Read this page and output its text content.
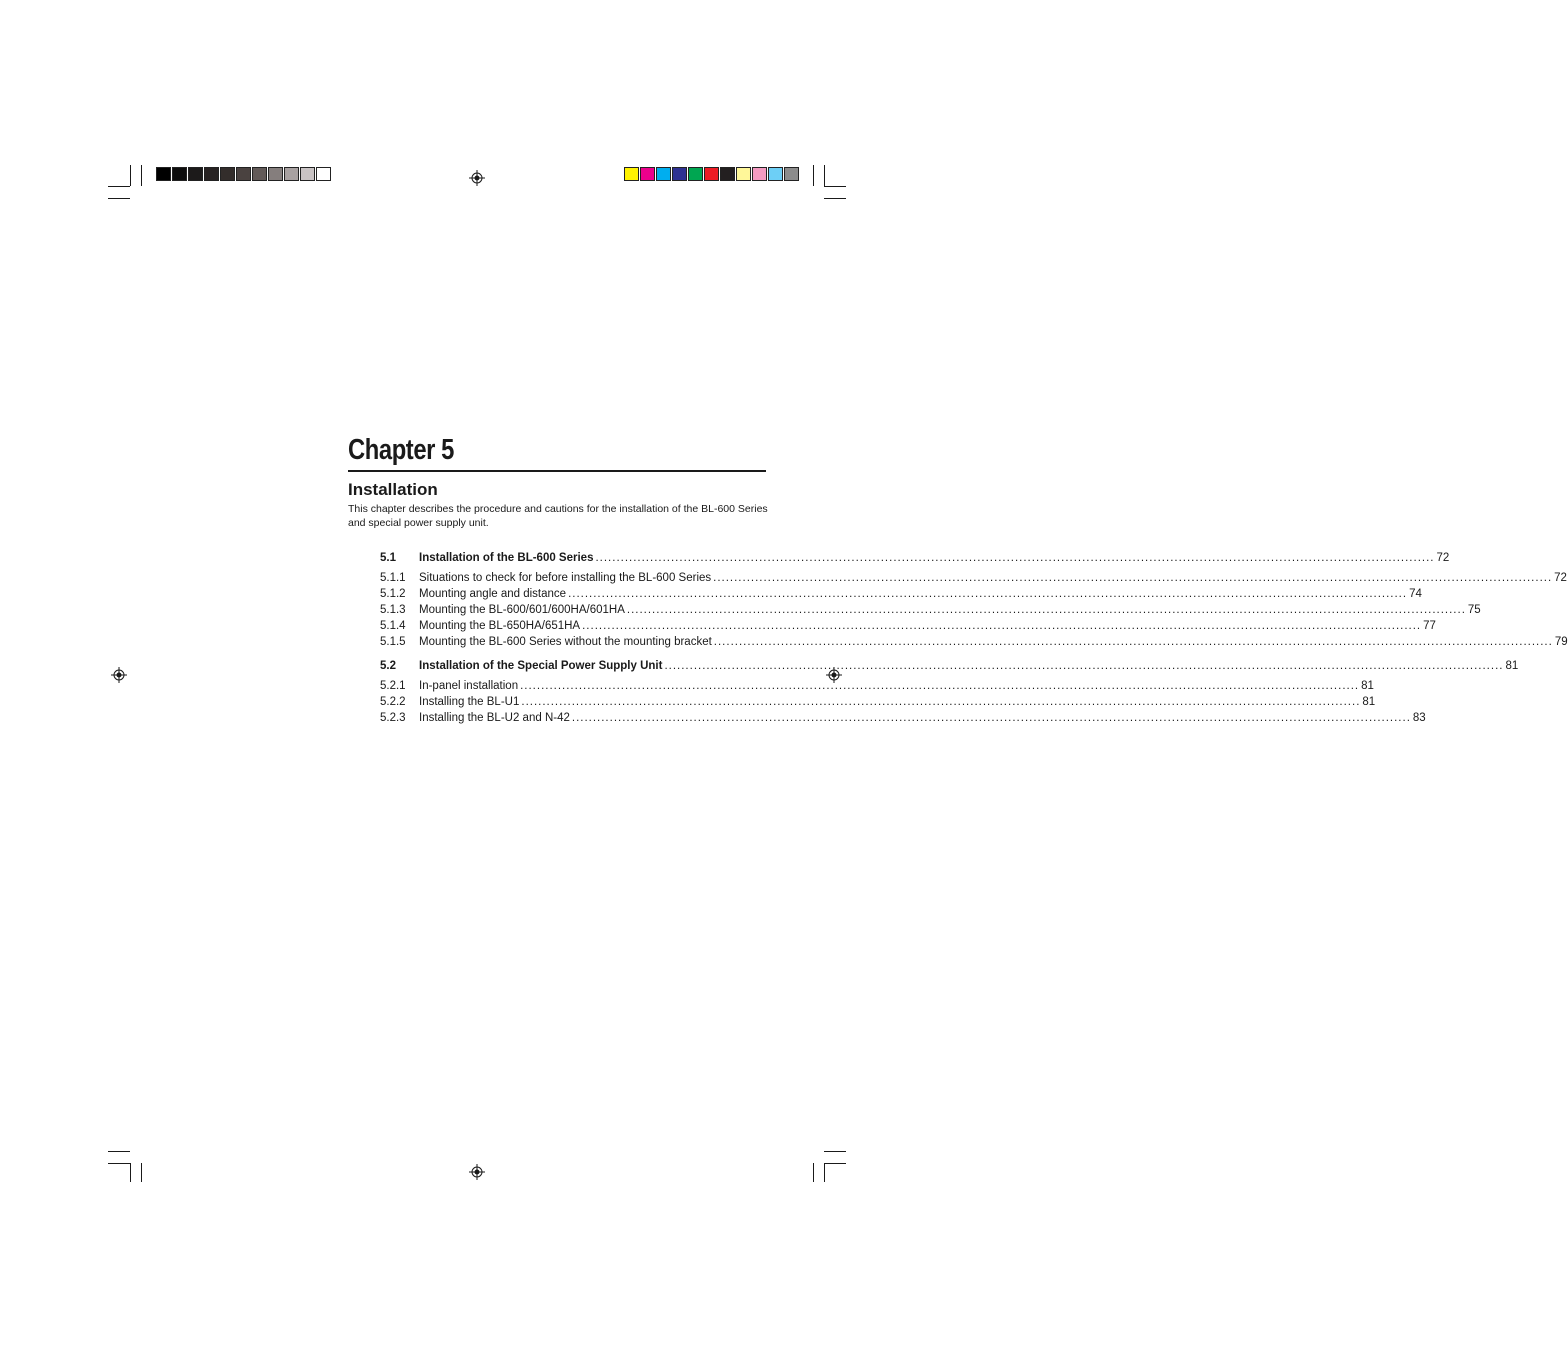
Chapter 5
Installation

This chapter describes the procedure and cautions for the installation of the BL-600 Series and special power supply unit.

5.1	Installation of the BL-600 Series ........................................................................................................................................................................................................ 72
5.1.1	Situations to check for before installing the BL-600 Series ........................................................................................................................................................................................................ 72
5.1.2	Mounting angle and distance ........................................................................................................................................................................................................ 74
5.1.3	Mounting the BL-600/601/600HA/601HA ........................................................................................................................................................................................................ 75
5.1.4	Mounting the BL-650HA/651HA ........................................................................................................................................................................................................ 77
5.1.5	Mounting the BL-600 Series without the mounting bracket ........................................................................................................................................................................................................ 79
5.2	Installation of the Special Power Supply Unit ........................................................................................................................................................................................................ 81
5.2.1	In-panel installation ........................................................................................................................................................................................................ 81
5.2.2	Installing the BL-U1 ........................................................................................................................................................................................................ 81
5.2.3	Installing the BL-U2 and N-42 ........................................................................................................................................................................................................ 83
